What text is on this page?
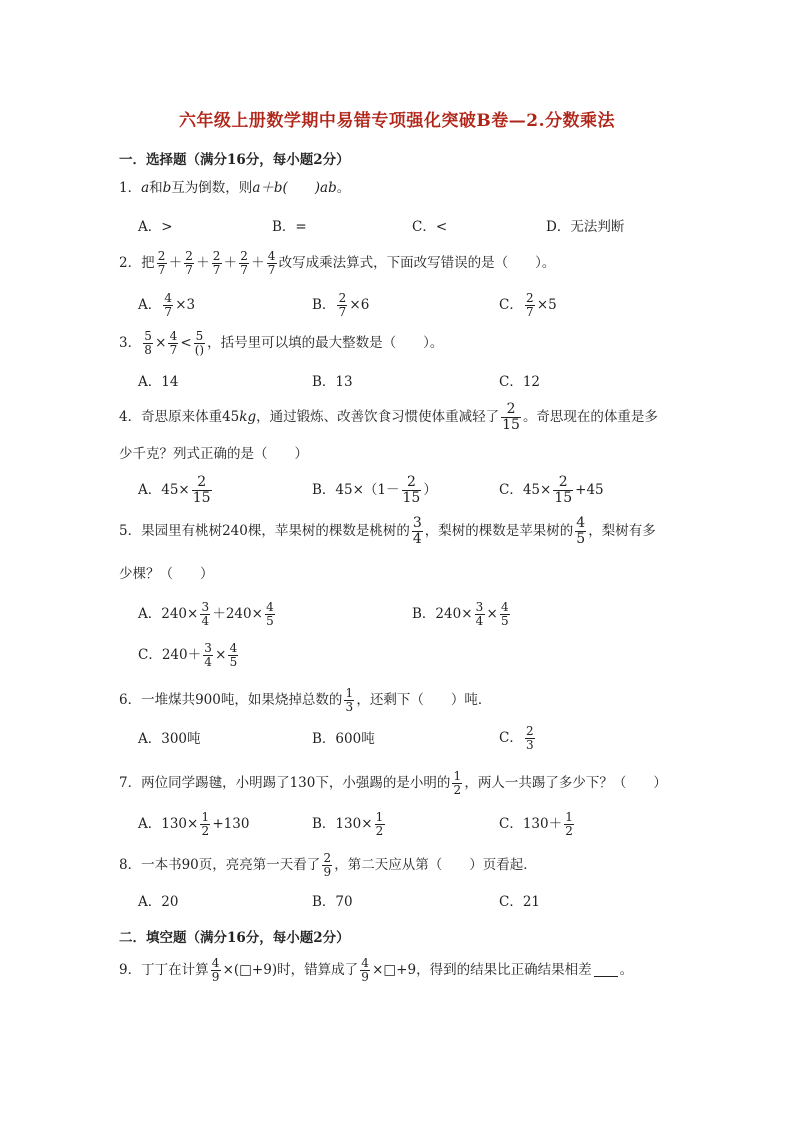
六年级上册数学期中易错专项强化突破B卷—2.分数乘法
一．选择题（满分16分，每小题2分）
1． a 和 b 互为倒数，则 a＋b(　　)ab 。
A．>	B．=	C．<	D．无法判断
2．把 2
7 ＋ 2
7 ＋ 2
7 ＋ 2
7 ＋ 4
7 改写成乘法算式，下面改写错误的是（　　）。
A． $\frac{4}{7} \times 3$	B． $\frac{2}{7} \times 6$	C． $\frac{2}{7} \times 5$
3． $\frac{5}{8} \times \frac{4}{7} < 5$
() ，括号里可以填的最大整数是（　　）。
A．14	B．13	C．12
4．奇思原来体重45 kg ，通过锻炼、改善饮食习惯使体重减轻了
2
15 。奇思现在的体重是多
少千克？列式正确的是（　　）
A．$45\times \frac{2}{15}$	B．45×（1－
2
15 ）	C．$45\times \frac{2}{15} +45$
5．果园里有桃树240棵，苹果树的棵数是桃树的
3
4 ，梨树的棵数是苹果树的
4
5 ，梨树有多
少棵？（　　）
A．$240\times \frac{3}{4} +240\times \frac{4}{5}$	B．$240\times \frac{3}{4} \times \frac{4}{5}$
C．$240+ \frac{3}{4} \times \frac{4}{5}$
6．一堆煤共900吨，如果烧掉总数的 1
3 ，还剩下（　　）吨．
A．300吨	B．600吨	C． 2
3
7．两位同学踢毽，小明踢了130下，小强踢的是小明的 1
2 ，两人一共踢了多少下？（　　）
A．$130\times \frac{1}{2} +130$	B．$130\times \frac{1}{2}$	C．130＋ 1
2
8．一本书90页，亮亮第一天看了 2
9 ，第二天应从第（　　）页看起．
A．20	B．70	C．21
二．填空题（满分16分，每小题2分）
9．丁丁在计算 $\frac{4}{9}$ ×(□+9)时，错算成了 $\frac{4}{9}$ ×□+9，得到的结果比正确结果相差 。
